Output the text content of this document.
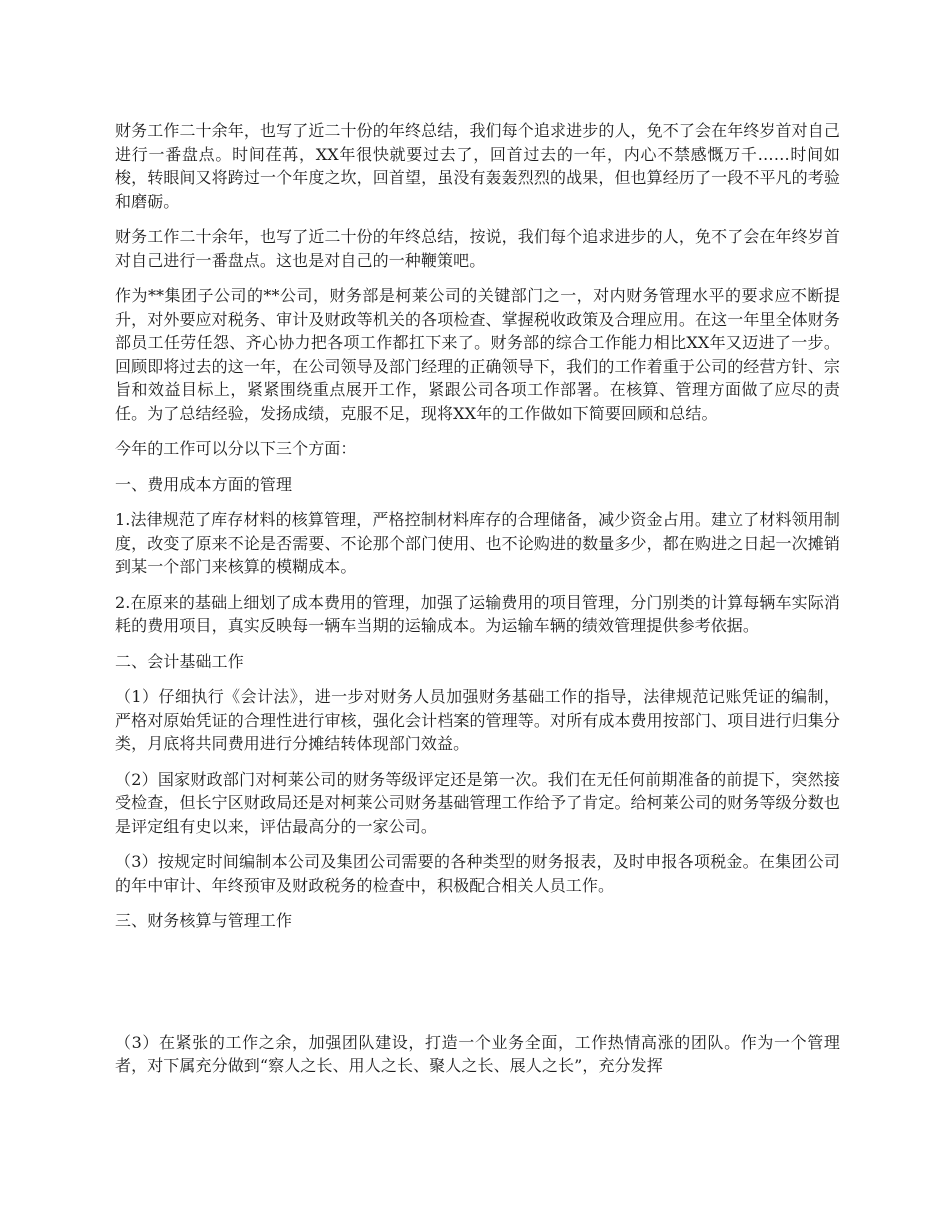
财务工作二十余年，也写了近二十份的年终总结，我们每个追求进步的人，免不了会在年终岁首对自己进行一番盘点。时间荏苒，XX年很快就要过去了，回首过去的一年，内心不禁感慨万千……时间如梭，转眼间又将跨过一个年度之坎，回首望，虽没有轰轰烈烈的战果，但也算经历了一段不平凡的考验和磨砺。

财务工作二十余年，也写了近二十份的年终总结，按说，我们每个追求进步的人，免不了会在年终岁首对自己进行一番盘点。这也是对自己的一种鞭策吧。

作为**集团子公司的**公司，财务部是柯莱公司的关键部门之一，对内财务管理水平的要求应不断提升，对外要应对税务、审计及财政等机关的各项检查、掌握税收政策及合理应用。在这一年里全体财务部员工任劳任怨、齐心协力把各项工作都扛下来了。财务部的综合工作能力相比XX年又迈进了一步。回顾即将过去的这一年，在公司领导及部门经理的正确领导下，我们的工作着重于公司的经营方针、宗旨和效益目标上，紧紧围绕重点展开工作，紧跟公司各项工作部署。在核算、管理方面做了应尽的责任。为了总结经验，发扬成绩，克服不足，现将XX年的工作做如下简要回顾和总结。

今年的工作可以分以下三个方面：

一、费用成本方面的管理

1.法律规范了库存材料的核算管理，严格控制材料库存的合理储备，减少资金占用。建立了材料领用制度，改变了原来不论是否需要、不论那个部门使用、也不论购进的数量多少，都在购进之日起一次摊销到某一个部门来核算的模糊成本。

2.在原来的基础上细划了成本费用的管理，加强了运输费用的项目管理，分门别类的计算每辆车实际消耗的费用项目，真实反映每一辆车当期的运输成本。为运输车辆的绩效管理提供参考依据。

二、会计基础工作

（1）仔细执行《会计法》，进一步对财务人员加强财务基础工作的指导，法律规范记账凭证的编制，严格对原始凭证的合理性进行审核，强化会计档案的管理等。对所有成本费用按部门、项目进行归集分类，月底将共同费用进行分摊结转体现部门效益。

（2）国家财政部门对柯莱公司的财务等级评定还是第一次。我们在无任何前期准备的前提下，突然接受检查，但长宁区财政局还是对柯莱公司财务基础管理工作给予了肯定。给柯莱公司的财务等级分数也是评定组有史以来，评估最高分的一家公司。

（3）按规定时间编制本公司及集团公司需要的各种类型的财务报表，及时申报各项税金。在集团公司的年中审计、年终预审及财政税务的检查中，积极配合相关人员工作。

三、财务核算与管理工作

（3）在紧张的工作之余，加强团队建设，打造一个业务全面，工作热情高涨的团队。作为一个管理者，对下属充分做到“察人之长、用人之长、聚人之长、展人之长”，充分发挥
